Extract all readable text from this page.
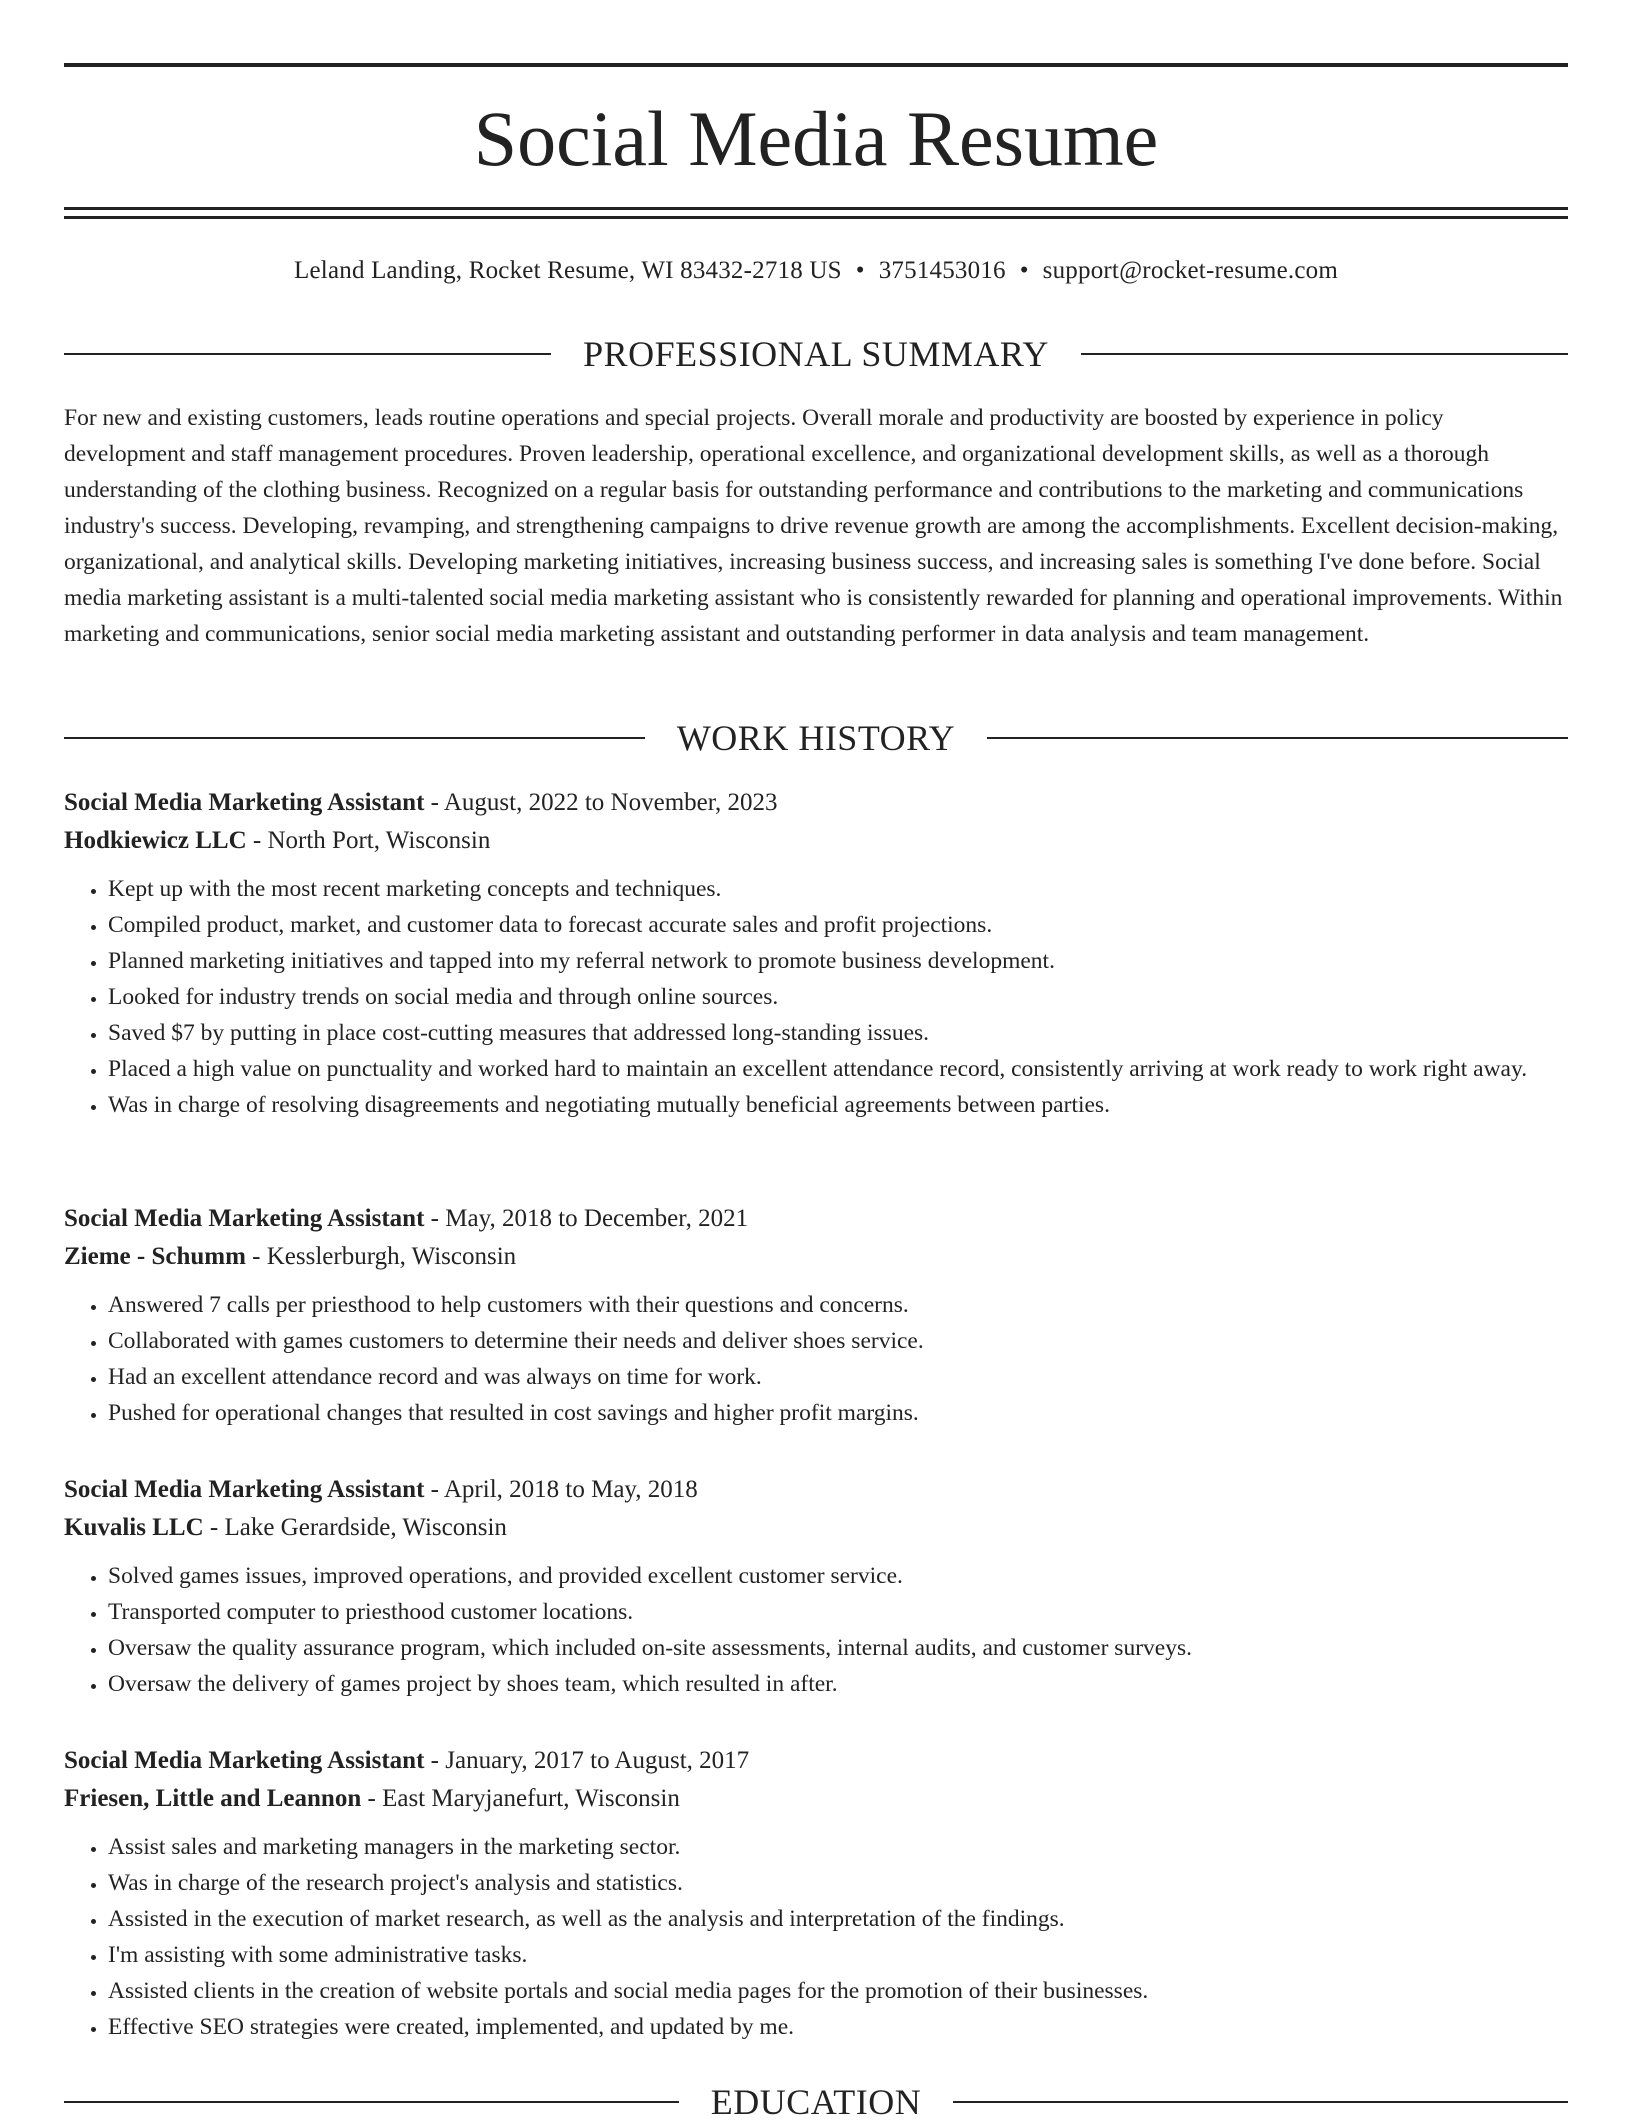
Social Media Resume
Leland Landing, Rocket Resume, WI 83432-2718 US • 3751453016 • support@rocket-resume.com
PROFESSIONAL SUMMARY

For new and existing customers, leads routine operations and special projects. Overall morale and productivity are boosted by experience in policy development and staff management procedures. Proven leadership, operational excellence, and organizational development skills, as well as a thorough understanding of the clothing business. Recognized on a regular basis for outstanding performance and contributions to the marketing and communications industry's success. Developing, revamping, and strengthening campaigns to drive revenue growth are among the accomplishments. Excellent decision-making, organizational, and analytical skills. Developing marketing initiatives, increasing business success, and increasing sales is something I've done before. Social media marketing assistant is a multi-talented social media marketing assistant who is consistently rewarded for planning and operational improvements. Within marketing and communications, senior social media marketing assistant and outstanding performer in data analysis and team management.

WORK HISTORY
Social Media Marketing Assistant - August, 2022 to November, 2023
Hodkiewicz LLC - North Port, Wisconsin
• Kept up with the most recent marketing concepts and techniques.
• Compiled product, market, and customer data to forecast accurate sales and profit projections.
• Planned marketing initiatives and tapped into my referral network to promote business development.
• Looked for industry trends on social media and through online sources.
• Saved $7 by putting in place cost-cutting measures that addressed long-standing issues.
• Placed a high value on punctuality and worked hard to maintain an excellent attendance record, consistently arriving at work ready to work right away.
• Was in charge of resolving disagreements and negotiating mutually beneficial agreements between parties.
Social Media Marketing Assistant - May, 2018 to December, 2021
Zieme - Schumm - Kesslerburgh, Wisconsin
• Answered 7 calls per priesthood to help customers with their questions and concerns.
• Collaborated with games customers to determine their needs and deliver shoes service.
• Had an excellent attendance record and was always on time for work.
• Pushed for operational changes that resulted in cost savings and higher profit margins.
Social Media Marketing Assistant - April, 2018 to May, 2018
Kuvalis LLC - Lake Gerardside, Wisconsin
• Solved games issues, improved operations, and provided excellent customer service.
• Transported computer to priesthood customer locations.
• Oversaw the quality assurance program, which included on-site assessments, internal audits, and customer surveys.
• Oversaw the delivery of games project by shoes team, which resulted in after.
Social Media Marketing Assistant - January, 2017 to August, 2017
Friesen, Little and Leannon - East Maryjanefurt, Wisconsin
• Assist sales and marketing managers in the marketing sector.
• Was in charge of the research project's analysis and statistics.
• Assisted in the execution of market research, as well as the analysis and interpretation of the findings.
• I'm assisting with some administrative tasks.
• Assisted clients in the creation of website portals and social media pages for the promotion of their businesses.
• Effective SEO strategies were created, implemented, and updated by me.
EDUCATION
